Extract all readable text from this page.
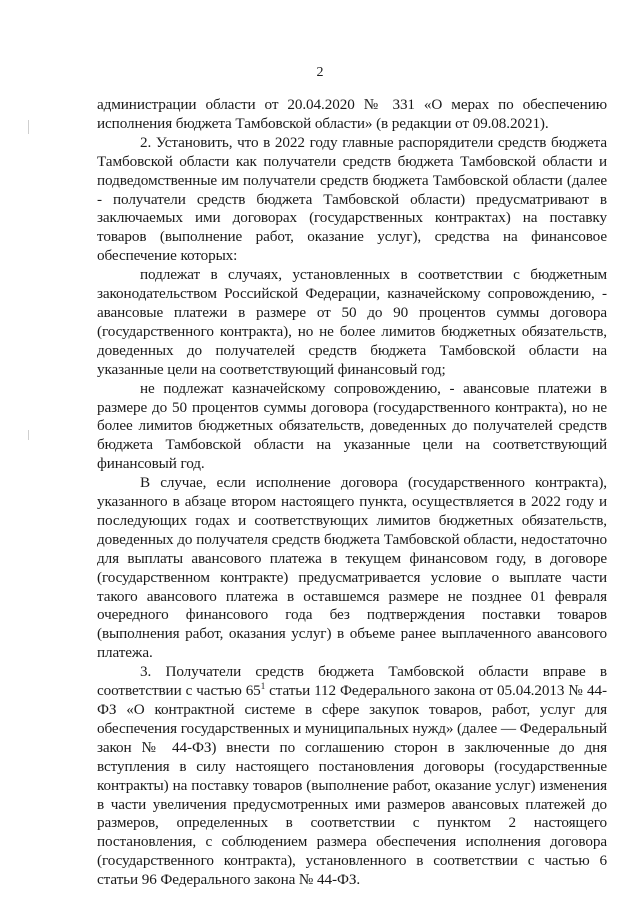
2

администрации области от 20.04.2020 № 331 «О мерах по обеспечению исполнения бюджета Тамбовской области» (в редакции от 09.08.2021).

2. Установить, что в 2022 году главные распорядители средств бюджета Тамбовской области как получатели средств бюджета Тамбовской области и подведомственные им получатели средств бюджета Тамбовской области (далее - получатели средств бюджета Тамбовской области) предусматривают в заключаемых ими договорах (государственных контрактах) на поставку товаров (выполнение работ, оказание услуг), средства на финансовое обеспечение которых:

подлежат в случаях, установленных в соответствии с бюджетным законодательством Российской Федерации, казначейскому сопровождению, - авансовые платежи в размере от 50 до 90 процентов суммы договора (государственного контракта), но не более лимитов бюджетных обязательств, доведенных до получателей средств бюджета Тамбовской области на указанные цели на соответствующий финансовый год;

не подлежат казначейскому сопровождению, - авансовые платежи в размере до 50 процентов суммы договора (государственного контракта), но не более лимитов бюджетных обязательств, доведенных до получателей средств бюджета Тамбовской области на указанные цели на соответствующий финансовый год.

В случае, если исполнение договора (государственного контракта), указанного в абзаце втором настоящего пункта, осуществляется в 2022 году и последующих годах и соответствующих лимитов бюджетных обязательств, доведенных до получателя средств бюджета Тамбовской области, недостаточно для выплаты авансового платежа в текущем финансовом году, в договоре (государственном контракте) предусматривается условие о выплате части такого авансового платежа в оставшемся размере не позднее 01 февраля очередного финансового года без подтверждения поставки товаров (выполнения работ, оказания услуг) в объеме ранее выплаченного авансового платежа.

3. Получатели средств бюджета Тамбовской области вправе в соответствии с частью $65^1$ статьи 112 Федерального закона от 05.04.2013 № 44-ФЗ «О контрактной системе в сфере закупок товаров, работ, услуг для обеспечения государственных и муниципальных нужд» (далее — Федеральный закон № 44-ФЗ) внести по соглашению сторон в заключенные до дня вступления в силу настоящего постановления договоры (государственные контракты) на поставку товаров (выполнение работ, оказание услуг) изменения в части увеличения предусмотренных ими размеров авансовых платежей до размеров, определенных в соответствии с пунктом 2 настоящего постановления, с соблюдением размера обеспечения исполнения договора (государственного контракта), установленного в соответствии с частью 6 статьи 96 Федерального закона № 44-ФЗ.
